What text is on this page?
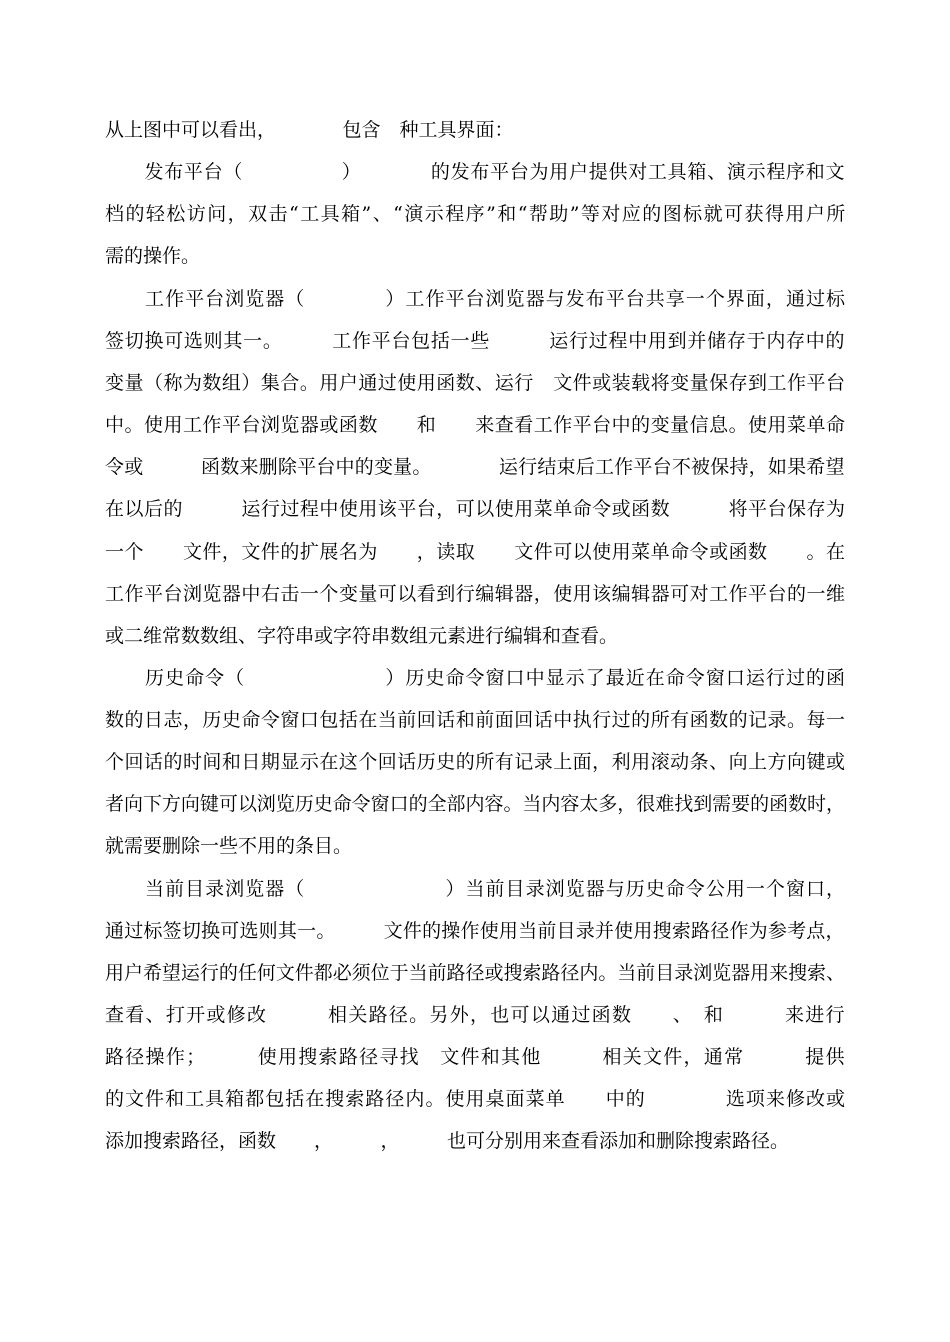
从上图中可以看出，　　　　包含　种工具界面：
　　发布平台（　　　　　）　　　　的发布平台为用户提供对工具箱、演示程序和文
档的轻松访问，双击“工具箱”、“演示程序”和“帮助”等对应的图标就可获得用户所
需的操作。
　　工作平台浏览器（　　　　）工作平台浏览器与发布平台共享一个界面，通过标
签切换可选则其一。　　　工作平台包括一些　　　运行过程中用到并储存于内存中的
变量（称为数组）集合。用户通过使用函数、运行　文件或装载将变量保存到工作平台
中。使用工作平台浏览器或函数　　和　　来查看工作平台中的变量信息。使用菜单命
令或　　　函数来删除平台中的变量。　　　　运行结束后工作平台不被保持，如果希望
在以后的　　　运行过程中使用该平台，可以使用菜单命令或函数　　　将平台保存为
一个　　文件，文件的扩展名为　　，读取　　文件可以使用菜单命令或函数　　。在
工作平台浏览器中右击一个变量可以看到行编辑器，使用该编辑器可对工作平台的一维
或二维常数数组、字符串或字符串数组元素进行编辑和查看。
　　历史命令（　　　　　　　）历史命令窗口中显示了最近在命令窗口运行过的函
数的日志，历史命令窗口包括在当前回话和前面回话中执行过的所有函数的记录。每一
个回话的时间和日期显示在这个回话历史的所有记录上面，利用滚动条、向上方向键或
者向下方向键可以浏览历史命令窗口的全部内容。当内容太多，很难找到需要的函数时，
就需要删除一些不用的条目。
　　当前目录浏览器（　　　　　　　）当前目录浏览器与历史命令公用一个窗口，
通过标签切换可选则其一。　　　文件的操作使用当前目录并使用搜索路径作为参考点，
用户希望运行的任何文件都必须位于当前路径或搜索路径内。当前目录浏览器用来搜索、
查看、打开或修改　　　相关路径。另外，也可以通过函数　　、　和　　　来进行
路径操作；　　　使用搜索路径寻找　文件和其他　　　相关文件，通常　　　提供
的文件和工具箱都包括在搜索路径内。使用桌面菜单　　中的　　　　选项来修改或
添加搜索路径，函数　　，　　　，　　　也可分别用来查看添加和删除搜索路径。
